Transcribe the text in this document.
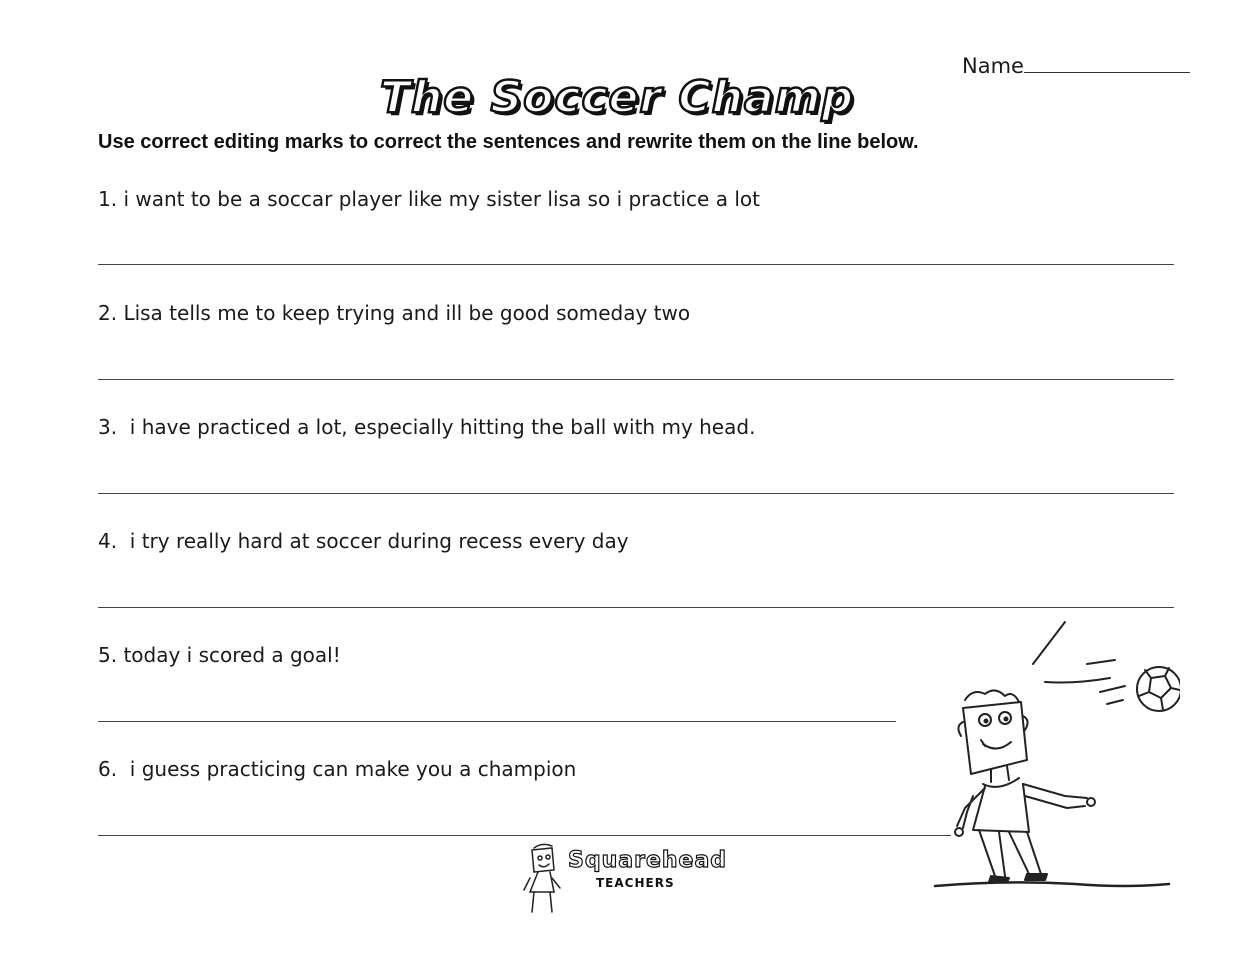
Name
The Soccer Champ
Use correct editing marks to correct the sentences and rewrite them on the line below.
1. i want to be a soccar player like my sister lisa so i practice a lot
2. Lisa tells me to keep trying and ill be good someday two
3.  i have practiced a lot, especially hitting the ball with my head.
4.  i try really hard at soccer during recess every day
5. today i scored a goal!
6.  i guess practicing can make you a champion
Squarehead
TEACHERS
